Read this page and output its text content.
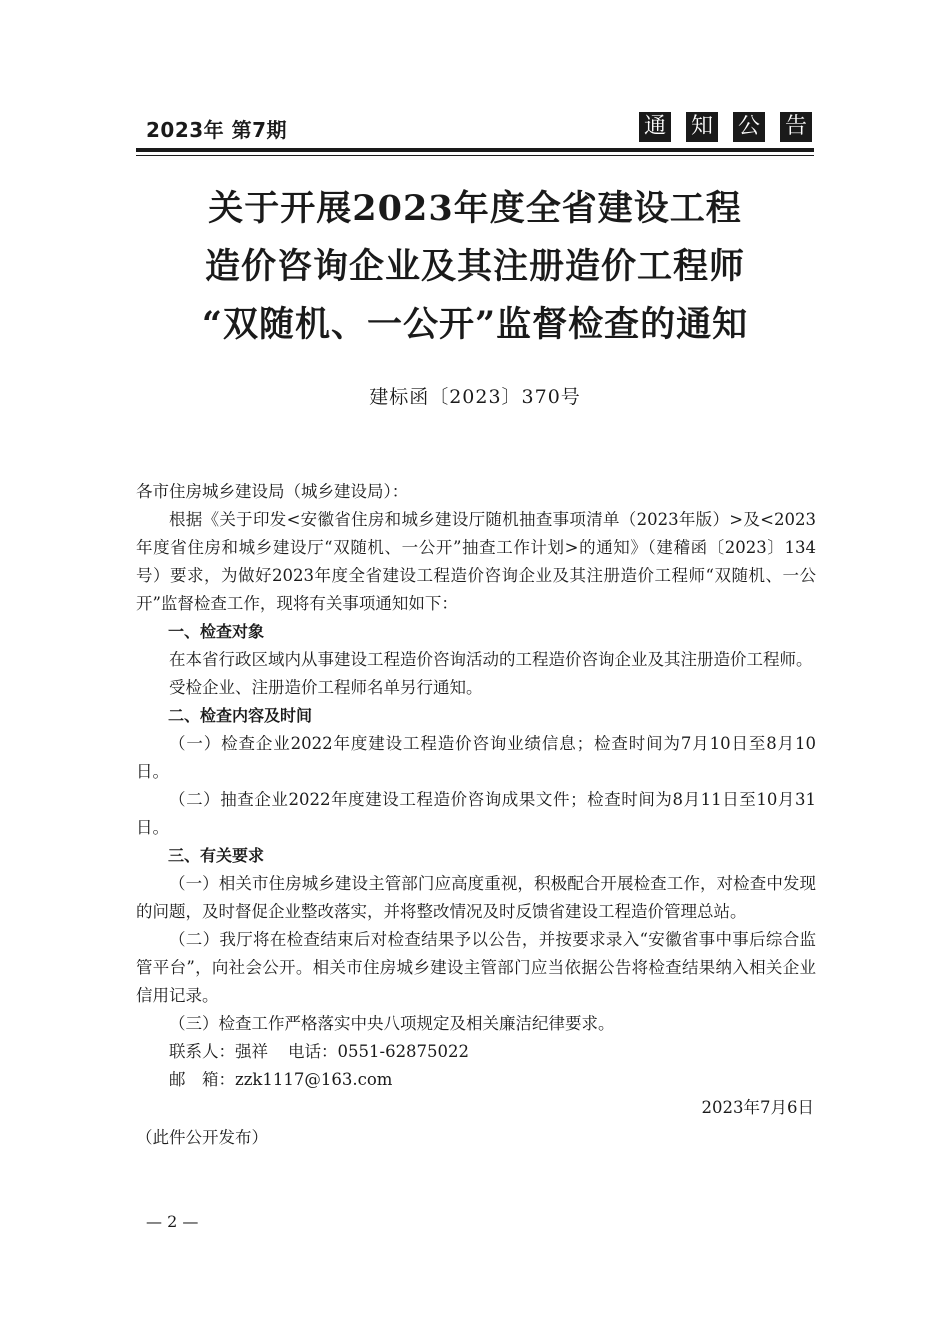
2023年 第7期	通 知 公 告
关于开展2023年度全省建设工程
造价咨询企业及其注册造价工程师
“双随机、一公开”监督检查的通知
建标函〔2023〕370号

各市住房城乡建设局（城乡建设局）：

根据《关于印发<安徽省住房和城乡建设厅随机抽查事项清单（2023年版）>及<2023年度省住房和城乡建设厅“双随机、一公开”抽查工作计划>的通知》（建稽函〔2023〕134号）要求，为做好2023年度全省建设工程造价咨询企业及其注册造价工程师“双随机、一公开”监督检查工作，现将有关事项通知如下：

一、检查对象

在本省行政区域内从事建设工程造价咨询活动的工程造价咨询企业及其注册造价工程师。

受检企业、注册造价工程师名单另行通知。

二、检查内容及时间

（一）检查企业2022年度建设工程造价咨询业绩信息；检查时间为7月10日至8月10日。

（二）抽查企业2022年度建设工程造价咨询成果文件；检查时间为8月11日至10月31日。

三、有关要求

（一）相关市住房城乡建设主管部门应高度重视，积极配合开展检查工作，对检查中发现的问题，及时督促企业整改落实，并将整改情况及时反馈省建设工程造价管理总站。

（二）我厅将在检查结束后对检查结果予以公告，并按要求录入“安徽省事中事后综合监管平台”，向社会公开。相关市住房城乡建设主管部门应当依据公告将检查结果纳入相关企业信用记录。

（三）检查工作严格落实中央八项规定及相关廉洁纪律要求。

联系人：强祥 电话：0551-62875022

邮　箱：zzk1117@163.com

2023年7月6日

（此件公开发布）

— 2 —
